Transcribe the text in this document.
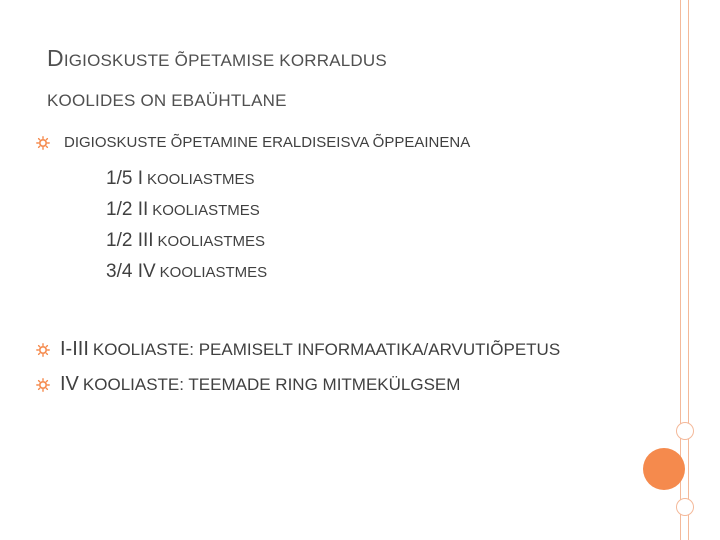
DIGIOSKUSTE ÕPETAMISE KORRALDUS
KOOLIDES ON EBAÜHTLANE
DIGIOSKUSTE ÕPETAMINE ERALDISEISVA ÕPPEAINENA
1/5 I KOOLIASTMES
1/2 II KOOLIASTMES
1/2 III KOOLIASTMES
3/4 IV KOOLIASTMES
I-III KOOLIASTE: PEAMISELT INFORMAATIKA/ARVUTIÕPETUS
IV KOOLIASTE: TEEMADE RING MITMEKÜLGSEM
